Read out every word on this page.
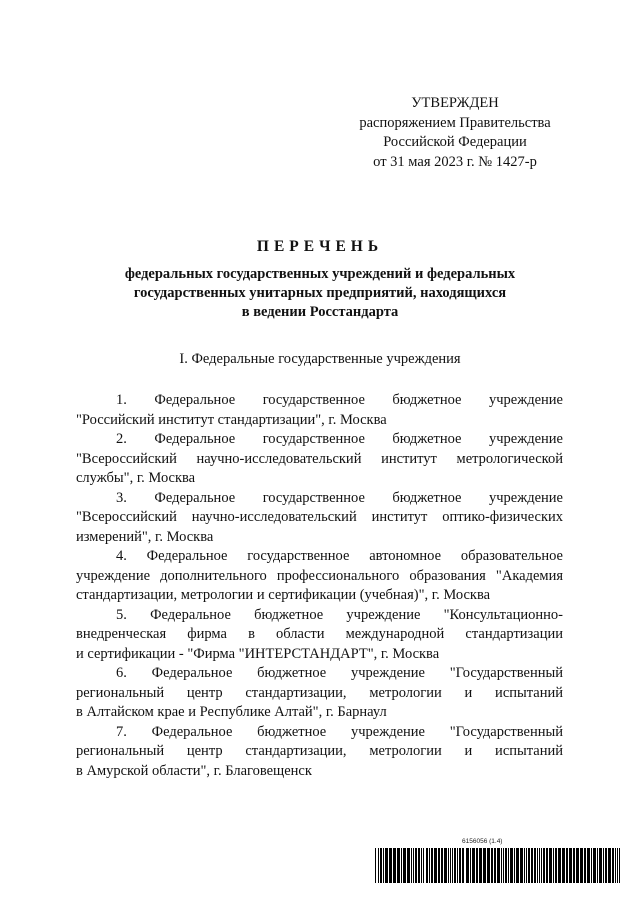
УТВЕРЖДЕН
распоряжением Правительства
Российской Федерации
от 31 мая 2023 г. № 1427-р
ПЕРЕЧЕНЬ
федеральных государственных учреждений и федеральных
государственных унитарных предприятий, находящихся
в ведении Росстандарта
I. Федеральные государственные учреждения
1. Федеральное государственное бюджетное учреждение
"Российский институт стандартизации", г. Москва
2. Федеральное государственное бюджетное учреждение
"Всероссийский научно-исследовательский институт метрологической
службы", г. Москва
3. Федеральное государственное бюджетное учреждение
"Всероссийский научно-исследовательский институт оптико-физических
измерений", г. Москва
4. Федеральное государственное автономное образовательное
учреждение дополнительного профессионального образования "Академия
стандартизации, метрологии и сертификации (учебная)", г. Москва
5. Федеральное бюджетное учреждение "Консультационно-
внедренческая фирма в области международной стандартизации
и сертификации - "Фирма "ИНТЕРСТАНДАРТ", г. Москва
6. Федеральное бюджетное учреждение "Государственный
региональный центр стандартизации, метрологии и испытаний
в Алтайском крае и Республике Алтай", г. Барнаул
7. Федеральное бюджетное учреждение "Государственный
региональный центр стандартизации, метрологии и испытаний
в Амурской области", г. Благовещенск
6156056 (1.4)
